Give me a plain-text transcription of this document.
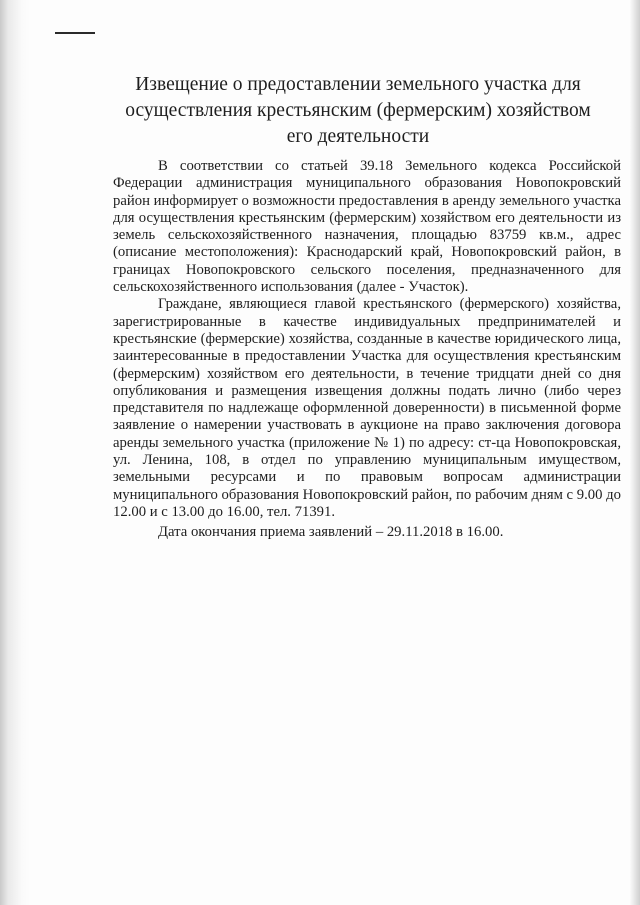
Извещение о предоставлении земельного участка для осуществления крестьянским (фермерским) хозяйством его деятельности

В соответствии со статьей 39.18 Земельного кодекса Российской Федерации администрация муниципального образования Новопокровский район информирует о возможности предоставления в аренду земельного участка для осуществления крестьянским (фермерским) хозяйством его деятельности из земель сельскохозяйственного назначения, площадью 83759 кв.м., адрес (описание местоположения): Краснодарский край, Новопокровский район, в границах Новопокровского сельского поселения, предназначенного для сельскохозяйственного использования (далее - Участок).

Граждане, являющиеся главой крестьянского (фермерского) хозяйства, зарегистрированные в качестве индивидуальных предпринимателей и крестьянские (фермерские) хозяйства, созданные в качестве юридического лица, заинтересованные в предоставлении Участка для осуществления крестьянским (фермерским) хозяйством его деятельности, в течение тридцати дней со дня опубликования и размещения извещения должны подать лично (либо через представителя по надлежаще оформленной доверенности) в письменной форме заявление о намерении участвовать в аукционе на право заключения договора аренды земельного участка (приложение № 1) по адресу: ст-ца Новопокровская, ул. Ленина, 108, в отдел по управлению муниципальным имуществом, земельными ресурсами и по правовым вопросам администрации муниципального образования Новопокровский район, по рабочим дням с 9.00 до 12.00 и с 13.00 до 16.00, тел. 71391.

Дата окончания приема заявлений – 29.11.2018 в 16.00.
